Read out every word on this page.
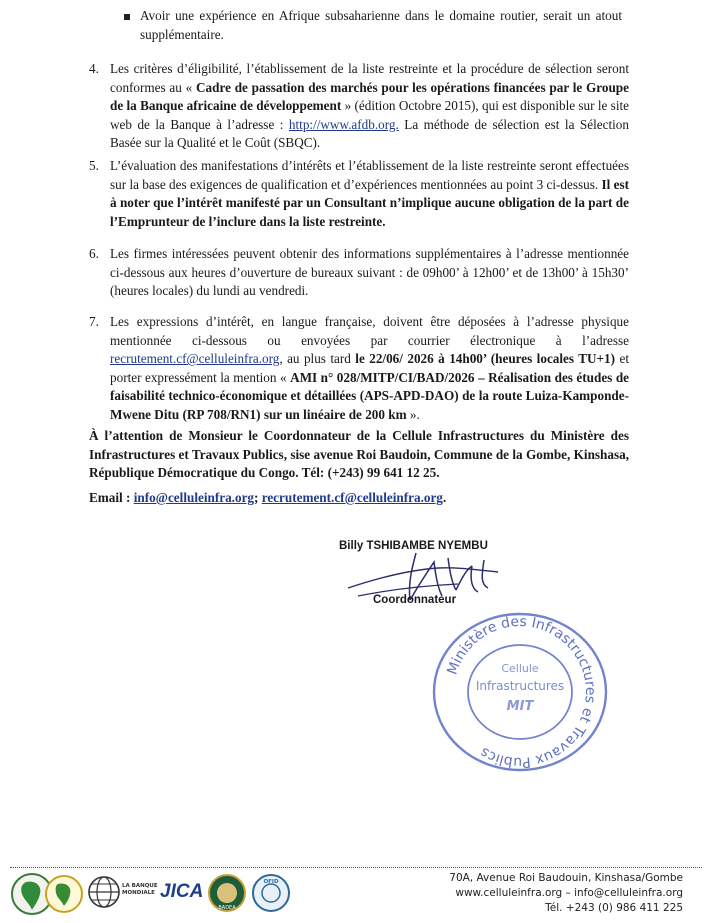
Avoir une expérience en Afrique subsaharienne dans le domaine routier, serait un atout supplémentaire.
4. Les critères d’éligibilité, l’établissement de la liste restreinte et la procédure de sélection seront conformes au « Cadre de passation des marchés pour les opérations financées par le Groupe de la Banque africaine de développement » (édition Octobre 2015), qui est disponible sur le site web de la Banque à l’adresse : http://www.afdb.org. La méthode de sélection est la Sélection Basée sur la Qualité et le Coût (SBQC).
5. L’évaluation des manifestations d’intérêts et l’établissement de la liste restreinte seront effectuées sur la base des exigences de qualification et d’expériences mentionnées au point 3 ci-dessus. Il est à noter que l’intérêt manifesté par un Consultant n’implique aucune obligation de la part de l’Emprunteur de l’inclure dans la liste restreinte.
6. Les firmes intéressées peuvent obtenir des informations supplémentaires à l’adresse mentionnée ci-dessous aux heures d’ouverture de bureaux suivant : de 09h00’ à 12h00’ et de 13h00’ à 15h30’ (heures locales) du lundi au vendredi.
7. Les expressions d’intérêt, en langue française, doivent être déposées à l’adresse physique mentionnée ci-dessous ou envoyées par courrier électronique à l’adresse recrutement.cf@celluleinfra.org, au plus tard le 22/06/ 2026 à 14h00’ (heures locales TU+1) et porter expressément la mention « AMI n° 028/MITP/CI/BAD/2026 – Réalisation des études de faisabilité technico-économique et détaillées (APS-APD-DAO) de la route Luiza-Kamponde- Mwene Ditu (RP 708/RN1) sur un linéaire de 200 km ».
À l’attention de Monsieur le Coordonnateur de la Cellule Infrastructures du Ministère des Infrastructures et Travaux Publics, sise avenue Roi Baudoin, Commune de la Gombe, Kinshasa, République Démocratique du Congo. Tél: (+243) 99 641 12 25.
Email : info@celluleinfra.org; recrutement.cf@celluleinfra.org.
Billy TSHIBAMBE NYEMBU
Coordonnateur
Ministère des Infrastructures et Travaux Publics
Cellule
Infrastructures
MIT
LA BANQUE MONDIALE JICA
BADEA
OFID	70A, Avenue Roi Baudouin, Kinshasa/Gombe
www.celluleinfra.org – info@celluleinfra.org
Tél. +243 (0) 986 411 225
